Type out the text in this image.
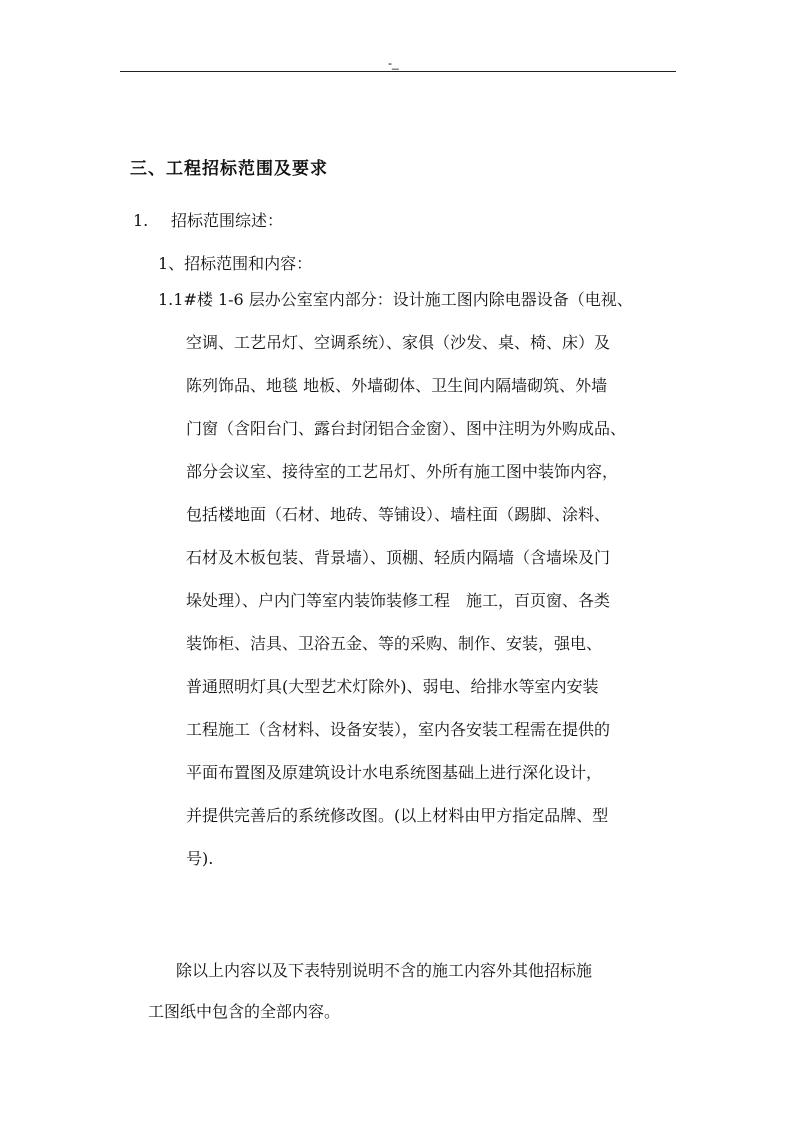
-_
三、工程招标范围及要求
1. 招标范围综述：
1、招标范围和内容：
1.1#楼 1-6 层办公室室内部分：设计施工图内除电器设备（电视、
空调、工艺吊灯、空调系统）、家俱（沙发、桌、椅、床）及
陈列饰品、地毯 地板、外墙砌体、卫生间内隔墙砌筑、外墙
门窗（含阳台门、露台封闭铝合金窗）、图中注明为外购成品、
部分会议室、接待室的工艺吊灯、外所有施工图中装饰内容，
包括楼地面（石材、地砖、等铺设）、墙柱面（踢脚、涂料、
石材及木板包装、背景墙）、顶棚、轻质内隔墙（含墙垛及门
垛处理）、户内门等室内装饰装修工程　施工，百页窗、各类
装饰柜、洁具、卫浴五金、等的采购、制作、安装，强电、
普通照明灯具(大型艺术灯除外)、弱电、给排水等室内安装
工程施工（含材料、设备安装），室内各安装工程需在提供的
平面布置图及原建筑设计水电系统图基础上进行深化设计，
并提供完善后的系统修改图。(以上材料由甲方指定品牌、型
号).
除以上内容以及下表特别说明不含的施工内容外其他招标施
工图纸中包含的全部内容。
